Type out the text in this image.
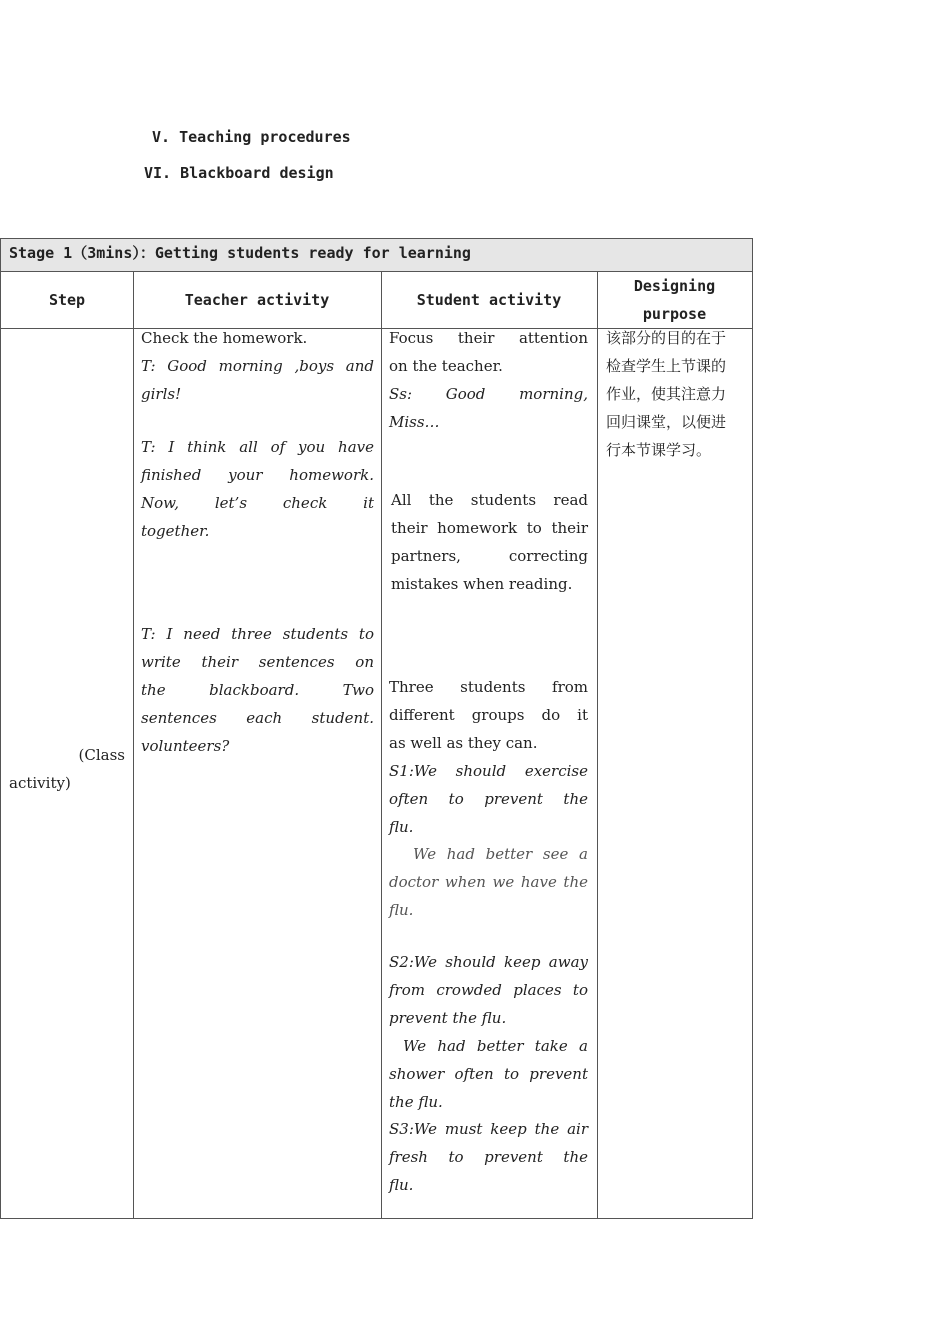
V. Teaching procedures
VI. Blackboard design
Stage 1（3mins）：Getting students ready for learning
Step	Teacher activity	Student activity
Designing
purpose
(Class
activity)
Check the homework.
T: Good morning ,boys and
girls!
T: I think all of you have
finished your homework.
Now, let’s check it
together.
T: I need three students to
write their sentences on
the blackboard. Two
sentences each student.
volunteers?
Focus their attention
on the teacher.
Ss: Good morning,
Miss…
All the students read
their homework to their
partners, correcting
mistakes when reading.
Three students from
different groups do it
as well as they can.
S1:We should exercise
often to prevent the
flu.
We had better see a
doctor when we have the
flu.
S2:We should keep away
from crowded places to
prevent the flu.
We had better take a
shower often to prevent
the flu.
S3:We must keep the air
fresh to prevent the
flu.
该部分的目的在于
检查学生上节课的
作业，使其注意力
回归课堂，以便进
行本节课学习。
